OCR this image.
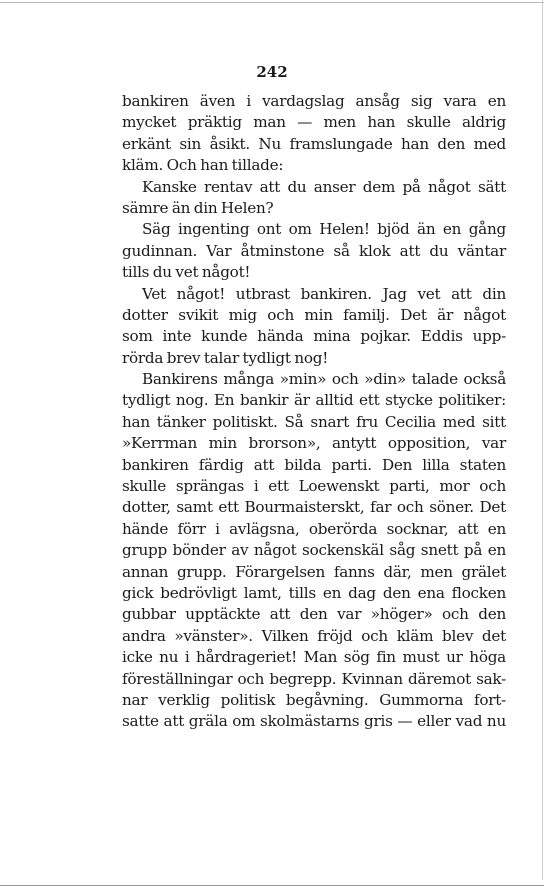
242
bankiren även i vardagslag ansåg sig vara en
mycket präktig man — men han skulle aldrig
erkänt sin åsikt. Nu framslungade han den med
kläm. Och han tillade:
Kanske rentav att du anser dem på något sätt
sämre än din Helen?
Säg ingenting ont om Helen! bjöd än en gång
gudinnan. Var åtminstone så klok att du väntar
tills du vet något!
Vet något! utbrast bankiren. Jag vet att din
dotter svikit mig och min familj. Det är något
som inte kunde hända mina pojkar. Eddis upp-
rörda brev talar tydligt nog!
Bankirens många »min» och »din» talade också
tydligt nog. En bankir är alltid ett stycke politiker:
han tänker politiskt. Så snart fru Cecilia med sitt
»Kerrman min brorson», antytt opposition, var
bankiren färdig att bilda parti. Den lilla staten
skulle sprängas i ett Loewenskt parti, mor och
dotter, samt ett Bourmaisterskt, far och söner. Det
hände förr i avlägsna, oberörda socknar, att en
grupp bönder av något sockenskäl såg snett på en
annan grupp. Förargelsen fanns där, men grälet
gick bedrövligt lamt, tills en dag den ena flocken
gubbar upptäckte att den var »höger» och den
andra »vänster». Vilken fröjd och kläm blev det
icke nu i hårdrageriet! Man sög fin must ur höga
föreställningar och begrepp. Kvinnan däremot sak-
nar verklig politisk begåvning. Gummorna fort-
satte att gräla om skolmästarns gris — eller vad nu
